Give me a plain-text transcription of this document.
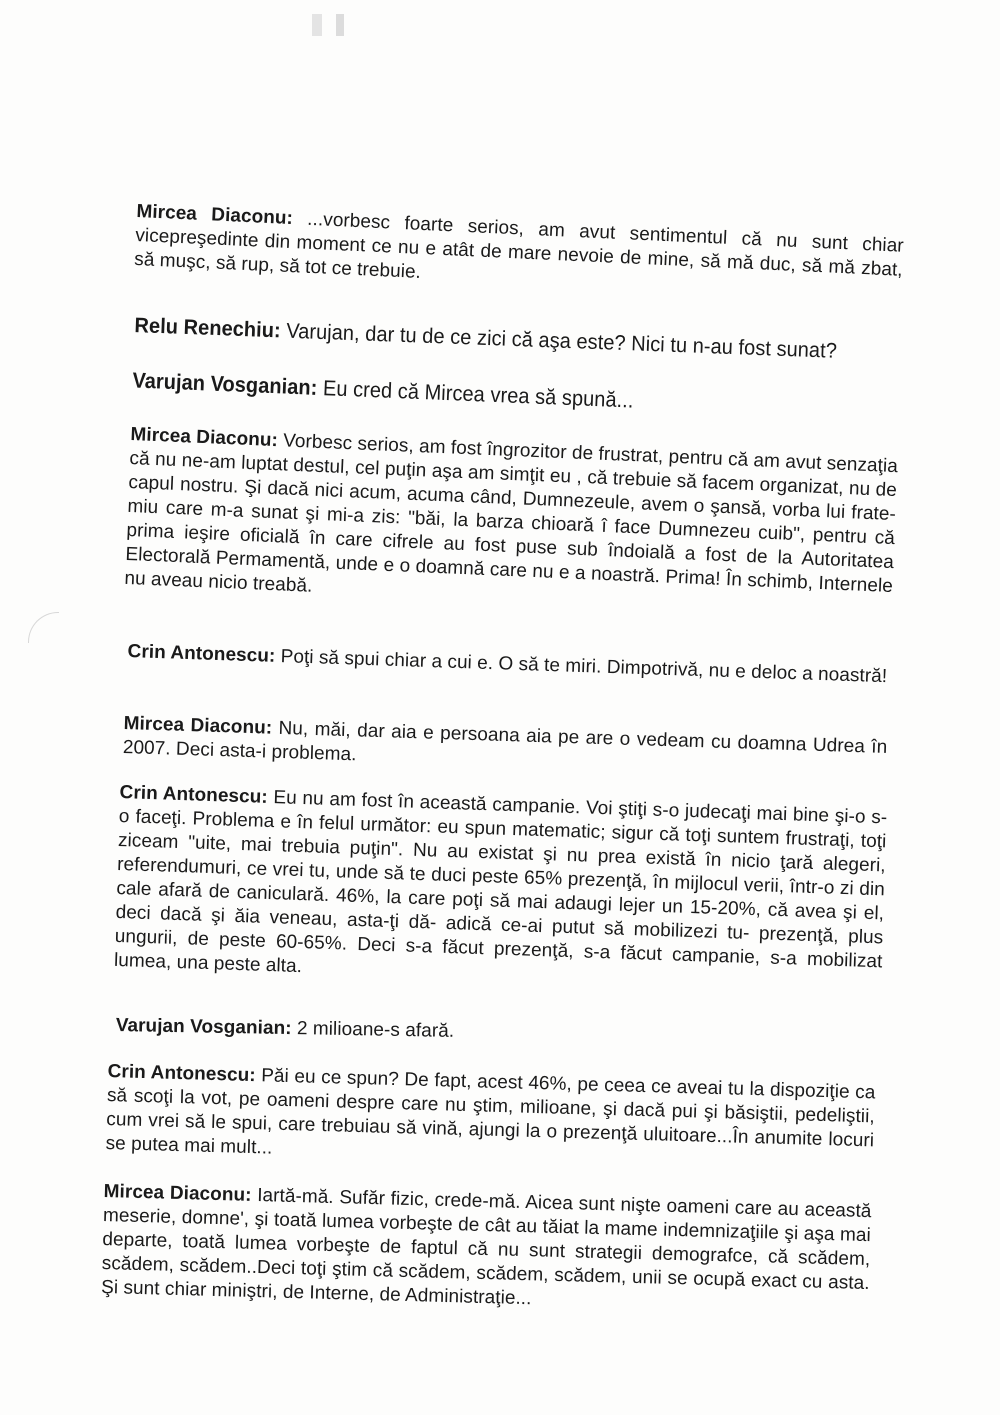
Mircea Diaconu: ...vorbesc foarte serios, am avut sentimentul că nu sunt chiar vicepreşedinte din moment ce nu e atât de mare nevoie de mine, să mă duc, să mă zbat, să muşc, să rup, să tot ce trebuie.

Relu Renechiu: Varujan, dar tu de ce zici că aşa este? Nici tu n-au fost sunat?

Varujan Vosganian: Eu cred că Mircea vrea să spună...

Mircea Diaconu: Vorbesc serios, am fost îngrozitor de frustrat, pentru că am avut senzaţia că nu ne-am luptat destul, cel puţin aşa am simţit eu , că trebuie să facem organizat, nu de capul nostru. Şi dacă nici acum, acuma când, Dumnezeule, avem o şansă, vorba lui frate-miu care m-a sunat şi mi-a zis: "băi, la barza chioară î face Dumnezeu cuib", pentru că prima ieşire oficială în care cifrele au fost puse sub îndoială a fost de la Autoritatea Electorală Permamentă, unde e o doamnă care nu e a noastră. Prima! În schimb, Internele nu aveau nicio treabă.

Crin Antonescu: Poţi să spui chiar a cui e. O să te miri. Dimpotrivă, nu e deloc a noastră!

Mircea Diaconu: Nu, măi, dar aia e persoana aia pe are o vedeam cu doamna Udrea în 2007. Deci asta-i problema.

Crin Antonescu: Eu nu am fost în această campanie. Voi ştiţi s-o judecaţi mai bine şi-o s-o faceţi. Problema e în felul următor: eu spun matematic; sigur că toţi suntem frustraţi, toţi ziceam "uite, mai trebuia puţin". Nu au existat şi nu prea există în nicio ţară alegeri, referendumuri, ce vrei tu, unde să te duci peste 65% prezenţă, în mijlocul verii, într-o zi din cale afară de caniculară. 46%, la care poţi să mai adaugi lejer un 15-20%, că avea şi el, deci dacă şi ăia veneau, asta-ţi dă- adică ce-ai putut să mobilizezi tu- prezenţă, plus ungurii, de peste 60-65%. Deci s-a făcut prezenţă, s-a făcut campanie, s-a mobilizat lumea, una peste alta.

Varujan Vosganian: 2 milioane-s afară.

Crin Antonescu: Păi eu ce spun? De fapt, acest 46%, pe ceea ce aveai tu la dispoziţie ca să scoţi la vot, pe oameni despre care nu ştim, milioane, şi dacă pui şi băsiştii, pedeliştii, cum vrei să le spui, care trebuiau să vină, ajungi la o prezenţă uluitoare...În anumite locuri se putea mai mult...

Mircea Diaconu: Iartă-mă. Sufăr fizic, crede-mă. Aicea sunt nişte oameni care au această meserie, domne', şi toată lumea vorbeşte de cât au tăiat la mame indemnizaţiile şi aşa mai departe, toată lumea vorbeşte de faptul că nu sunt strategii demografce, că scădem, scădem, scădem..Deci toţi ştim că scădem, scădem, scădem, unii se ocupă exact cu asta. Şi sunt chiar miniştri, de Interne, de Administraţie...
